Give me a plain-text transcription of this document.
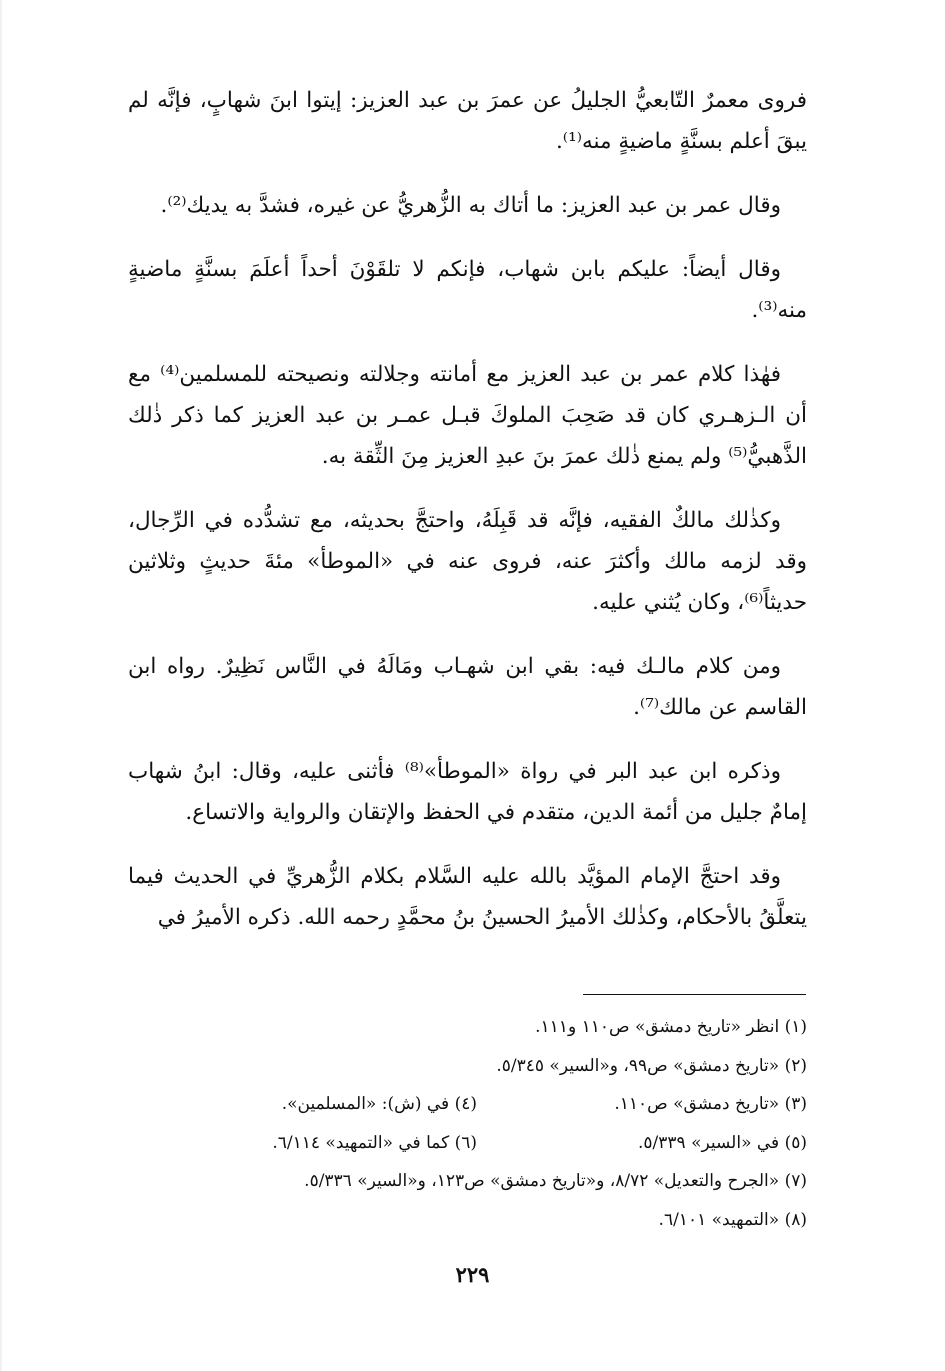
فروى معمرٌ التّابعيُّ الجليلُ عن عمرَ بن عبد العزيز: إيتوا ابنَ شهابٍ، فإنَّه لم يبقَ أعلم بسنَّةٍ ماضيةٍ منه⁽¹⁾.

وقال عمر بن عبد العزيز: ما أتاك به الزُّهريُّ عن غيره، فشدَّ به يديك⁽²⁾.

وقال أيضاً: عليكم بابن شهاب، فإنكم لا تلقَوْنَ أحداً أعلَمَ بسنَّةٍ ماضيةٍ منه⁽³⁾.

فهٰذا كلام عمر بن عبد العزيز مع أمانته وجلالته ونصيحته للمسلمين⁽⁴⁾ مع أن الـزهـري كان قد صَحِبَ الملوكَ قبـل عمـر بن عبد العزيز كما ذكر ذٰلك الذَّهبيُّ⁽⁵⁾ ولم يمنع ذٰلك عمرَ بنَ عبدِ العزيز مِنَ الثِّقة به.

وكذٰلك مالكٌ الفقيه، فإنَّه قد قَبِلَهُ، واحتجَّ بحديثه، مع تشدُّده في الرِّجال، وقد لزمه مالك وأكثرَ عنه، فروى عنه في «الموطأ» مئةَ حديثٍ وثلاثين حديثاً⁽⁶⁾، وكان يُثني عليه.

ومن كلام مالـك فيه: بقي ابن شهـاب ومَالَهُ في النَّاس نَظِيرٌ. رواه ابن القاسم عن مالك⁽⁷⁾.

وذكره ابن عبد البر في رواة «الموطأ»⁽⁸⁾ فأثنى عليه، وقال: ابنُ شهاب إمامٌ جليل من أئمة الدين، متقدم في الحفظ والإتقان والرواية والاتساع.

وقد احتجَّ الإمام المؤيَّد بالله عليه السَّلام بكلام الزُّهريِّ في الحديث فيما يتعلَّقُ بالأحكام، وكذٰلك الأميرُ الحسينُ بنُ محمَّدٍ رحمه الله. ذكره الأميرُ في

(١) انظر «تاريخ دمشق» ص١١٠ و١١١.
(٢) «تاريخ دمشق» ص٩٩، و«السير» ٥/٣٤٥.
(٣) «تاريخ دمشق» ص١١٠.
(٤) في (ش): «المسلمين».
(٥) في «السير» ٥/٣٣٩.
(٦) كما في «التمهيد» ٦/١١٤.
(٧) «الجرح والتعديل» ٨/٧٢، و«تاريخ دمشق» ص١٢٣، و«السير» ٥/٣٣٦.
(٨) «التمهيد» ٦/١٠١.
٢٢٩
